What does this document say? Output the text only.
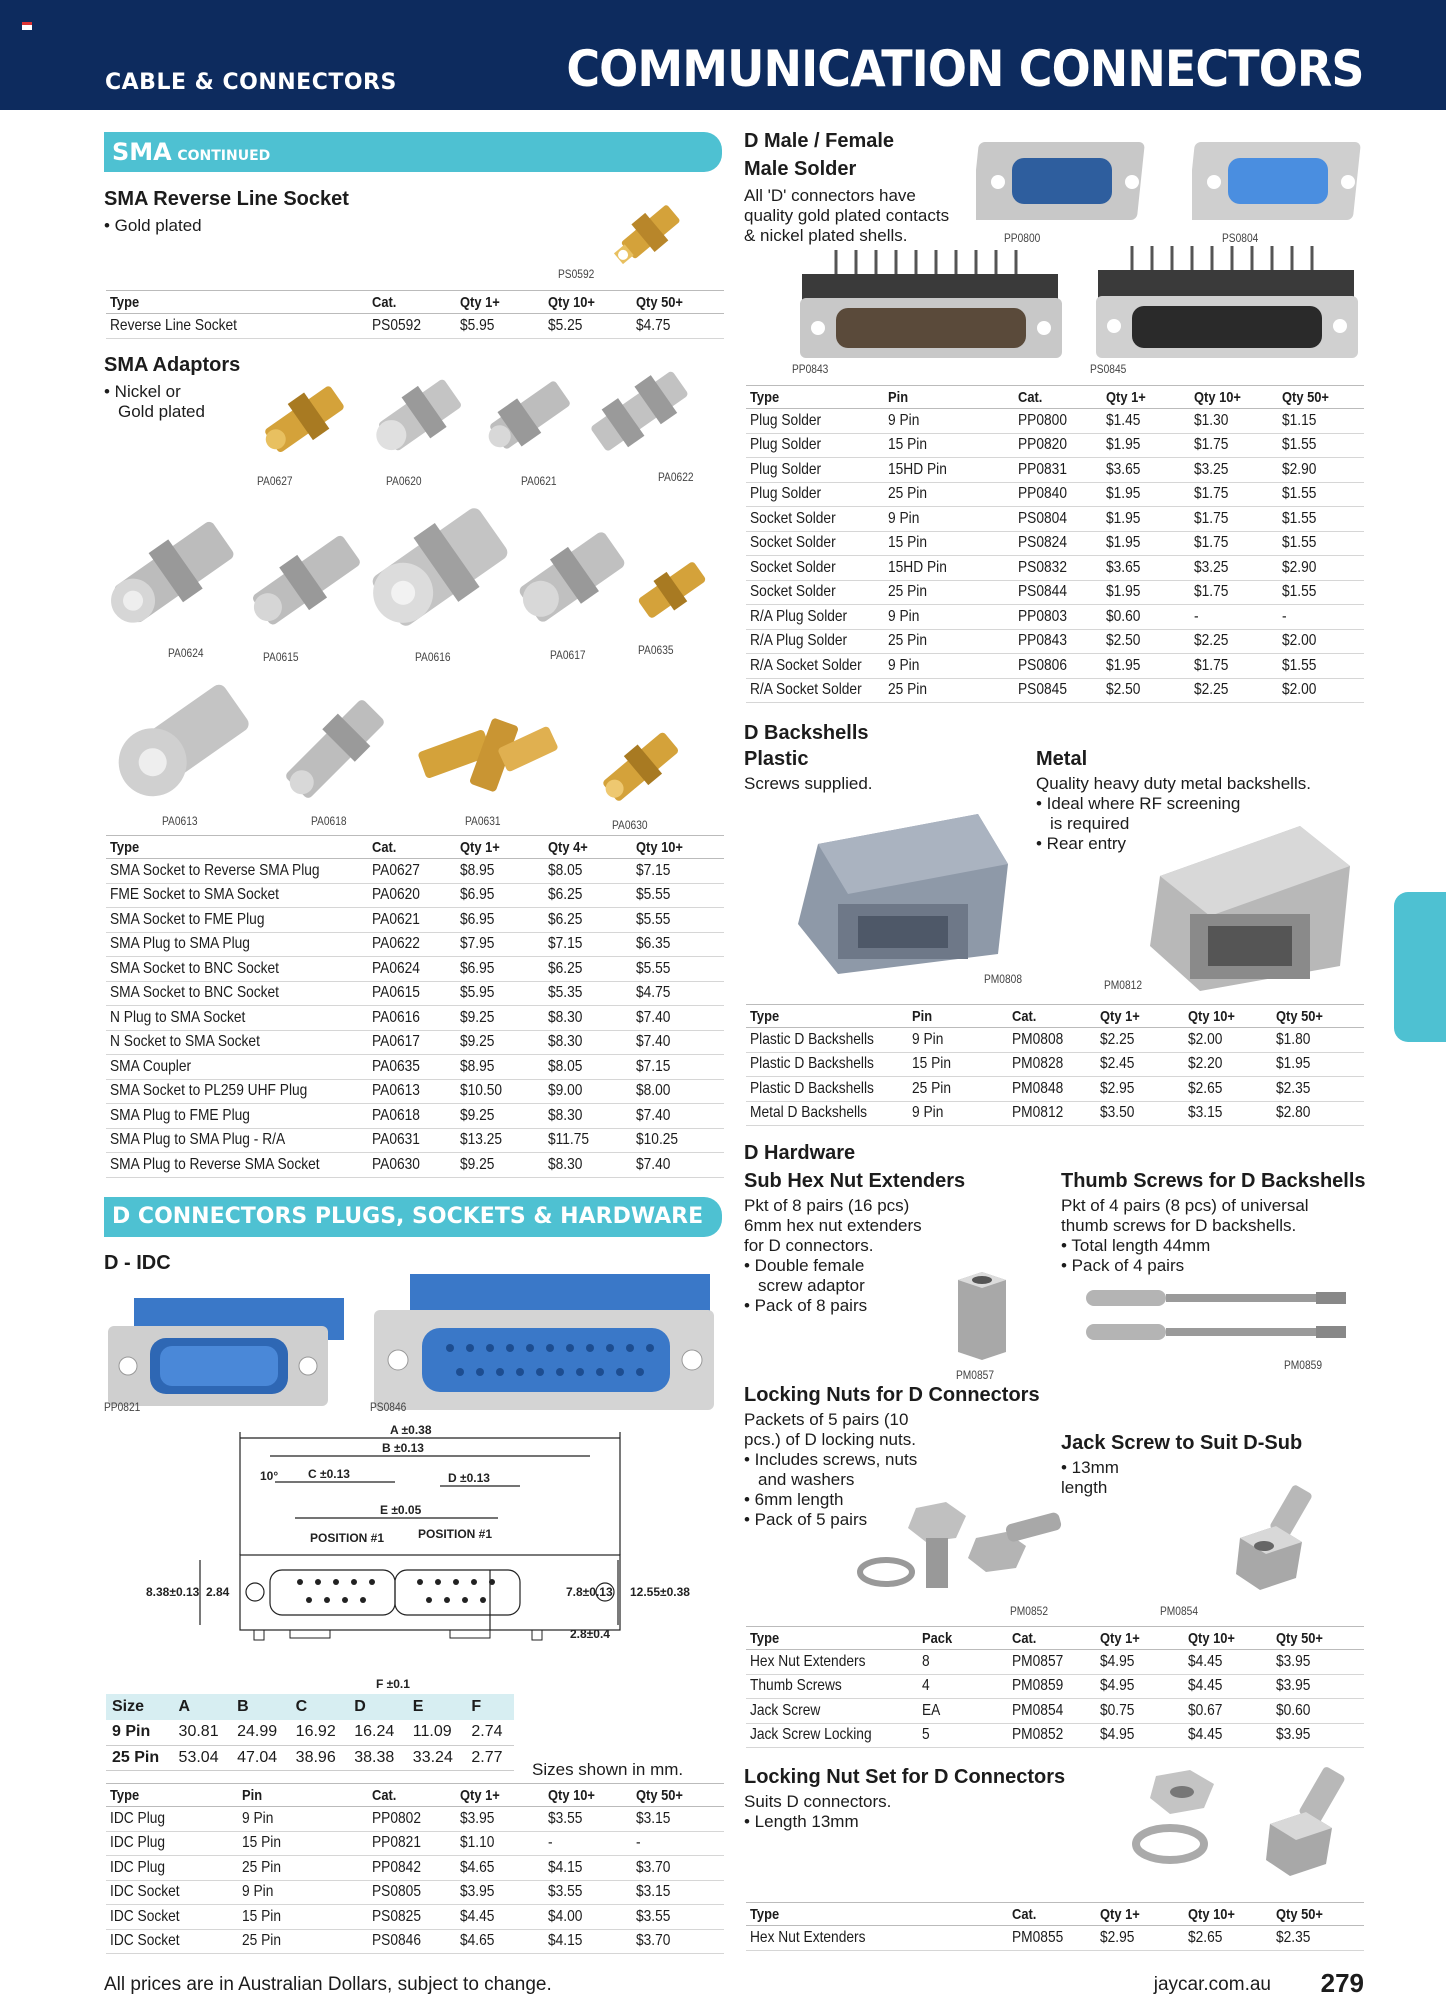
CABLE & CONNECTORS	COMMUNICATION CONNECTORS
SMA CONTINUED
SMA Reverse Line Socket
• Gold plated
PS0592
Type	Cat.	Qty 1+	Qty 10+	Qty 50+
Reverse Line Socket	PS0592	$5.95	$5.25	$4.75
SMA Adaptors
• Nickel or
Gold plated
PA0627	PA0620	PA0621	PA0622
PA0624	PA0615	PA0616	PA0617	PA0635
PA0613	PA0618	PA0631	PA0630
Type	Cat.	Qty 1+	Qty 4+	Qty 10+
SMA Socket to Reverse SMA Plug	PA0627	$8.95	$8.05	$7.15
FME Socket to SMA Socket	PA0620	$6.95	$6.25	$5.55
SMA Socket to FME Plug	PA0621	$6.95	$6.25	$5.55
SMA Plug to SMA Plug	PA0622	$7.95	$7.15	$6.35
SMA Socket to BNC Socket	PA0624	$6.95	$6.25	$5.55
SMA Socket to BNC Socket	PA0615	$5.95	$5.35	$4.75
N Plug to SMA Socket	PA0616	$9.25	$8.30	$7.40
N Socket to SMA Socket	PA0617	$9.25	$8.30	$7.40
SMA Coupler	PA0635	$8.95	$8.05	$7.15
SMA Socket to PL259 UHF Plug	PA0613	$10.50	$9.00	$8.00
SMA Plug to FME Plug	PA0618	$9.25	$8.30	$7.40
SMA Plug to SMA Plug - R/A	PA0631	$13.25	$11.75	$10.25
SMA Plug to Reverse SMA Socket	PA0630	$9.25	$8.30	$7.40
D CONNECTORS PLUGS, SOCKETS & HARDWARE
D - IDC
PP0821	PS0846
A ±0.38
B ±0.13
C ±0.13	D ±0.13
E ±0.05
POSITION #1	POSITION #1
10°
8.38±0.13 2.84	7.8±0.13 12.55±0.38
2.8±0.4
F ±0.1
Size	A	B	C	D	E	F
9 Pin	30.81	24.99	16.92	16.24	11.09	2.74
25 Pin	53.04	47.04	38.96	38.38	33.24	2.77
Sizes shown in mm.
Type	Pin	Cat.	Qty 1+	Qty 10+	Qty 50+
IDC Plug	9 Pin	PP0802	$3.95	$3.55	$3.15
IDC Plug	15 Pin	PP0821	$1.10	-	-
IDC Plug	25 Pin	PP0842	$4.65	$4.15	$3.70
IDC Socket	9 Pin	PS0805	$3.95	$3.55	$3.15
IDC Socket	15 Pin	PS0825	$4.45	$4.00	$3.55
IDC Socket	25 Pin	PS0846	$4.65	$4.15	$3.70
D Male / Female
Male Solder
All 'D' connectors have
quality gold plated contacts
& nickel plated shells.	PP0800	PS0804
PP0843	PS0845
Type	Pin	Cat.	Qty 1+	Qty 10+	Qty 50+
Plug Solder	9 Pin	PP0800	$1.45	$1.30	$1.15
Plug Solder	15 Pin	PP0820	$1.95	$1.75	$1.55
Plug Solder	15HD Pin	PP0831	$3.65	$3.25	$2.90
Plug Solder	25 Pin	PP0840	$1.95	$1.75	$1.55
Socket Solder	9 Pin	PS0804	$1.95	$1.75	$1.55
Socket Solder	15 Pin	PS0824	$1.95	$1.75	$1.55
Socket Solder	15HD Pin	PS0832	$3.65	$3.25	$2.90
Socket Solder	25 Pin	PS0844	$1.95	$1.75	$1.55
R/A Plug Solder	9 Pin	PP0803	$0.60	-	-
R/A Plug Solder	25 Pin	PP0843	$2.50	$2.25	$2.00
R/A Socket Solder	9 Pin	PS0806	$1.95	$1.75	$1.55
R/A Socket Solder	25 Pin	PS0845	$2.50	$2.25	$2.00
D Backshells
Plastic
Screws supplied.
Metal
Quality heavy duty metal backshells.
• Ideal where RF screening
is required
• Rear entry
PM0808	PM0812
Type	Pin	Cat.	Qty 1+	Qty 10+	Qty 50+
Plastic D Backshells	9 Pin	PM0808	$2.25	$2.00	$1.80
Plastic D Backshells	15 Pin	PM0828	$2.45	$2.20	$1.95
Plastic D Backshells	25 Pin	PM0848	$2.95	$2.65	$2.35
Metal D Backshells	9 Pin	PM0812	$3.50	$3.15	$2.80
D Hardware
Sub Hex Nut Extenders
Pkt of 8 pairs (16 pcs)
6mm hex nut extenders
for D connectors.
• Double female
screw adaptor
• Pack of 8 pairs
PM0857
Thumb Screws for D Backshells
Pkt of 4 pairs (8 pcs) of universal
thumb screws for D backshells.
• Total length 44mm
• Pack of 4 pairs
PM0859
Locking Nuts for D Connectors
Packets of 5 pairs (10
pcs.) of D locking nuts.
• Includes screws, nuts
and washers
• 6mm length
• Pack of 5 pairs
PM0852
Jack Screw to Suit D-Sub
• 13mm
length
PM0854
Type	Pack	Cat.	Qty 1+	Qty 10+	Qty 50+
Hex Nut Extenders	8	PM0857	$4.95	$4.45	$3.95
Thumb Screws	4	PM0859	$4.95	$4.45	$3.95
Jack Screw	EA	PM0854	$0.75	$0.67	$0.60
Jack Screw Locking	5	PM0852	$4.95	$4.45	$3.95
Locking Nut Set for D Connectors
Suits D connectors.
• Length 13mm
Type	Cat.	Qty 1+	Qty 10+	Qty 50+
Hex Nut Extenders	PM0855	$2.95	$2.65	$2.35
All prices are in Australian Dollars, subject to change.	jaycar.com.au 279
